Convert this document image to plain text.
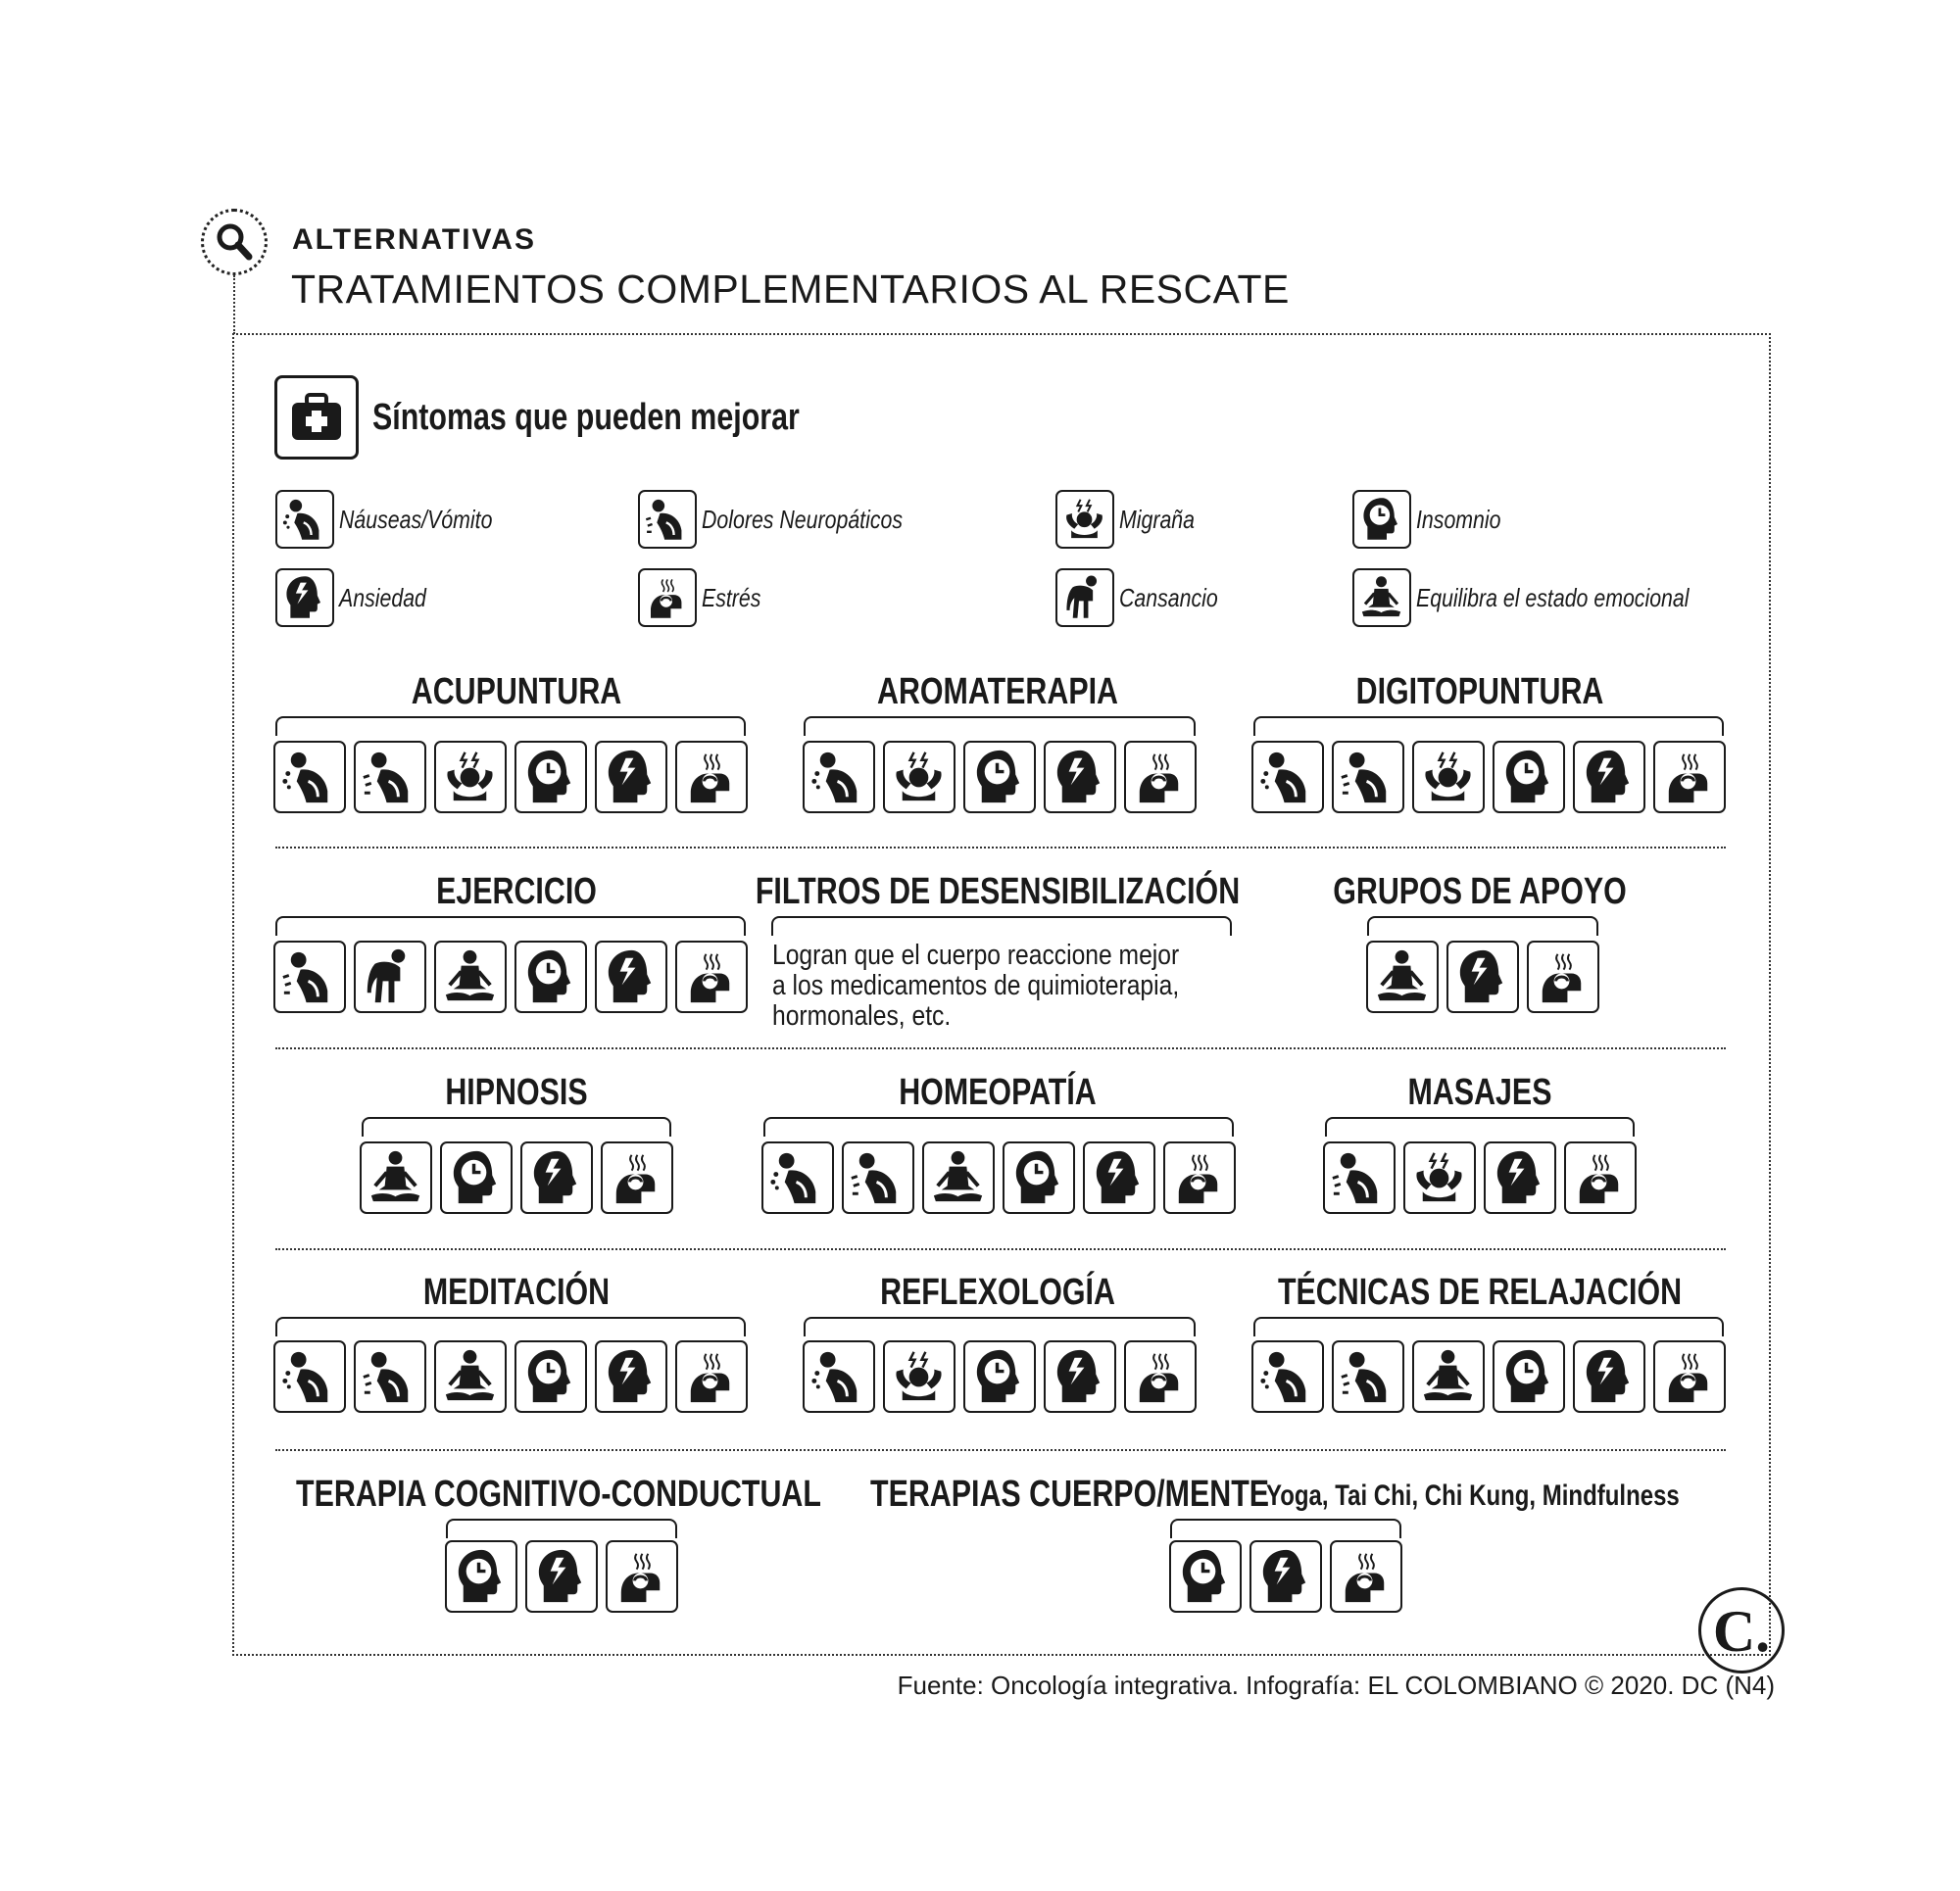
ALTERNATIVAS
TRATAMIENTOS COMPLEMENTARIOS AL RESCATE
Síntomas que pueden mejorar
Náuseas/Vómito	Dolores Neuropáticos	Migraña	Insomnio
Ansiedad	Estrés	Cansancio	Equilibra el estado emocional
ACUPUNTURA	AROMATERAPIA	DIGITOPUNTURA
EJERCICIO	FILTROS DE DESENSIBILIZACIÓN
Logran que el cuerpo reaccione mejor
a los medicamentos de quimioterapia,
hormonales, etc.
GRUPOS DE APOYO
HIPNOSIS	HOMEOPATÍA	MASAJES
MEDITACIÓN	REFLEXOLOGÍA	TÉCNICAS DE RELAJACIÓN
TERAPIA COGNITIVO-CONDUCTUAL	TERAPIAS CUERPO/MENTE
Yoga, Tai Chi, Chi Kung, Mindfulness
C.
Fuente: Oncología integrativa. Infografía: EL COLOMBIANO © 2020. DC (N4)
